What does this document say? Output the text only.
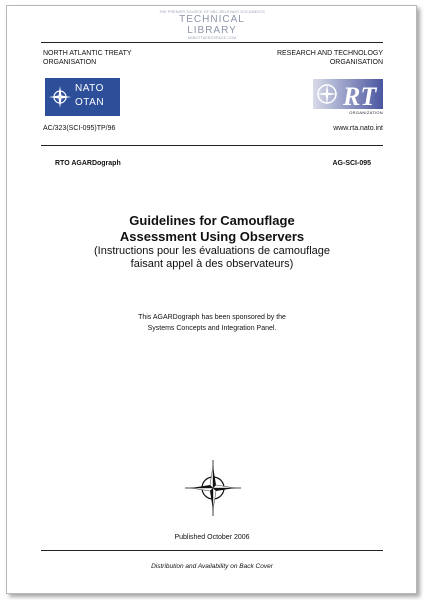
THE PREMIER SOURCE OF NBC-RELEVANT DOCUMENTS
TECHNICAL LIBRARY
ABBOTTAEROSPACE.COM
NORTH ATLANTIC TREATY
ORGANISATION
RESEARCH AND TECHNOLOGY
ORGANISATION
NATO
OTAN	RT
ORGANIZATION
AC/323(SCI-095)TP/96	www.rta.nato.int
RTO AGARDograph	AG-SCI-095
Guidelines for Camouflage
Assessment Using Observers
(Instructions pour les évaluations de camouflage
faisant appel à des observateurs)
This AGARDograph has been sponsored by the
Systems Concepts and Integration Panel.
Published October 2006
Distribution and Availability on Back Cover
